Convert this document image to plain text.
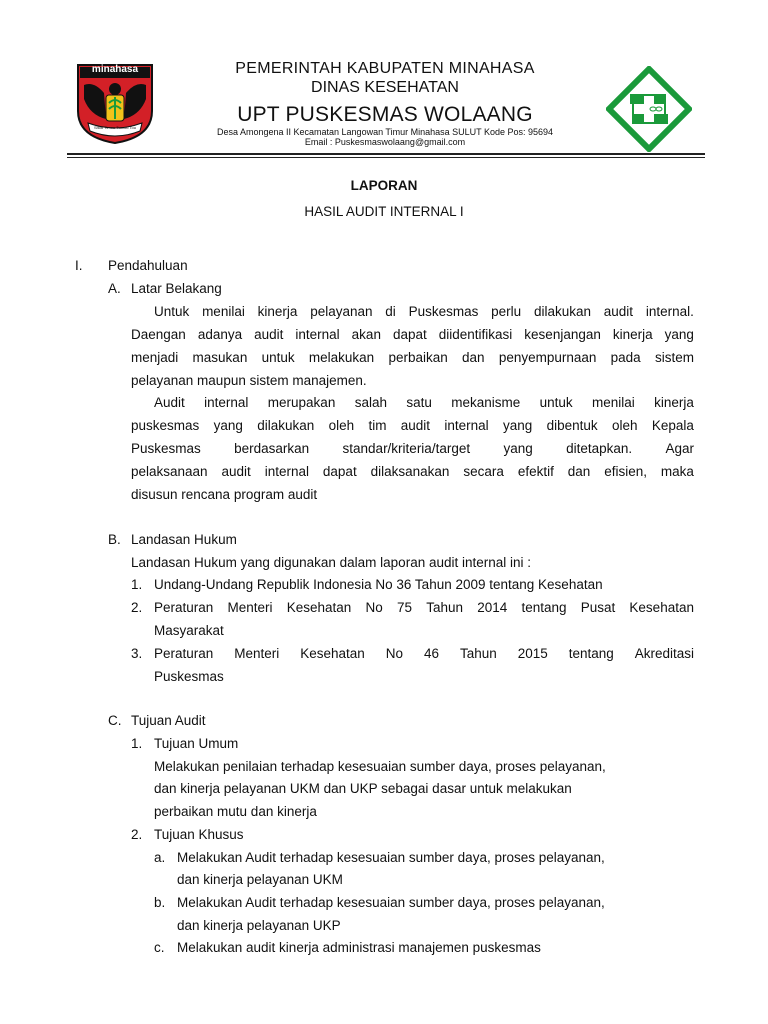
minahasa
Sitou Timou Tumou Tou
PEMERINTAH KABUPATEN MINAHASA
DINAS KESEHATAN
UPT PUSKESMAS WOLAANG
Desa Amongena II Kecamatan Langowan Timur Minahasa SULUT Kode Pos: 95694
Email : Puskesmaswolaang@gmail.com
LAPORAN
HASIL AUDIT INTERNAL I
I. Pendahuluan
A. Latar Belakang
Untuk menilai kinerja pelayanan di Puskesmas perlu dilakukan audit internal.
Daengan adanya audit internal akan dapat diidentifikasi kesenjangan kinerja yang
menjadi masukan untuk melakukan perbaikan dan penyempurnaan pada sistem
pelayanan maupun sistem manajemen.
Audit internal merupakan salah satu mekanisme untuk menilai kinerja
puskesmas yang dilakukan oleh tim audit internal yang dibentuk oleh Kepala
Puskesmas berdasarkan standar/kriteria/target yang ditetapkan. Agar
pelaksanaan audit internal dapat dilaksanakan secara efektif dan efisien, maka
disusun rencana program audit
B. Landasan Hukum
Landasan Hukum yang digunakan dalam laporan audit internal ini :
1. Undang-Undang Republik Indonesia No 36 Tahun 2009 tentang Kesehatan
2. Peraturan Menteri Kesehatan No 75 Tahun 2014 tentang Pusat Kesehatan
Masyarakat
3. Peraturan Menteri Kesehatan No 46 Tahun 2015 tentang Akreditasi
Puskesmas
C. Tujuan Audit
1. Tujuan Umum
Melakukan penilaian terhadap kesesuaian sumber daya, proses pelayanan,
dan kinerja pelayanan UKM dan UKP sebagai dasar untuk melakukan
perbaikan mutu dan kinerja
2. Tujuan Khusus
a. Melakukan Audit terhadap kesesuaian sumber daya, proses pelayanan,
dan kinerja pelayanan UKM
b. Melakukan Audit terhadap kesesuaian sumber daya, proses pelayanan,
dan kinerja pelayanan UKP
c. Melakukan audit kinerja administrasi manajemen puskesmas
